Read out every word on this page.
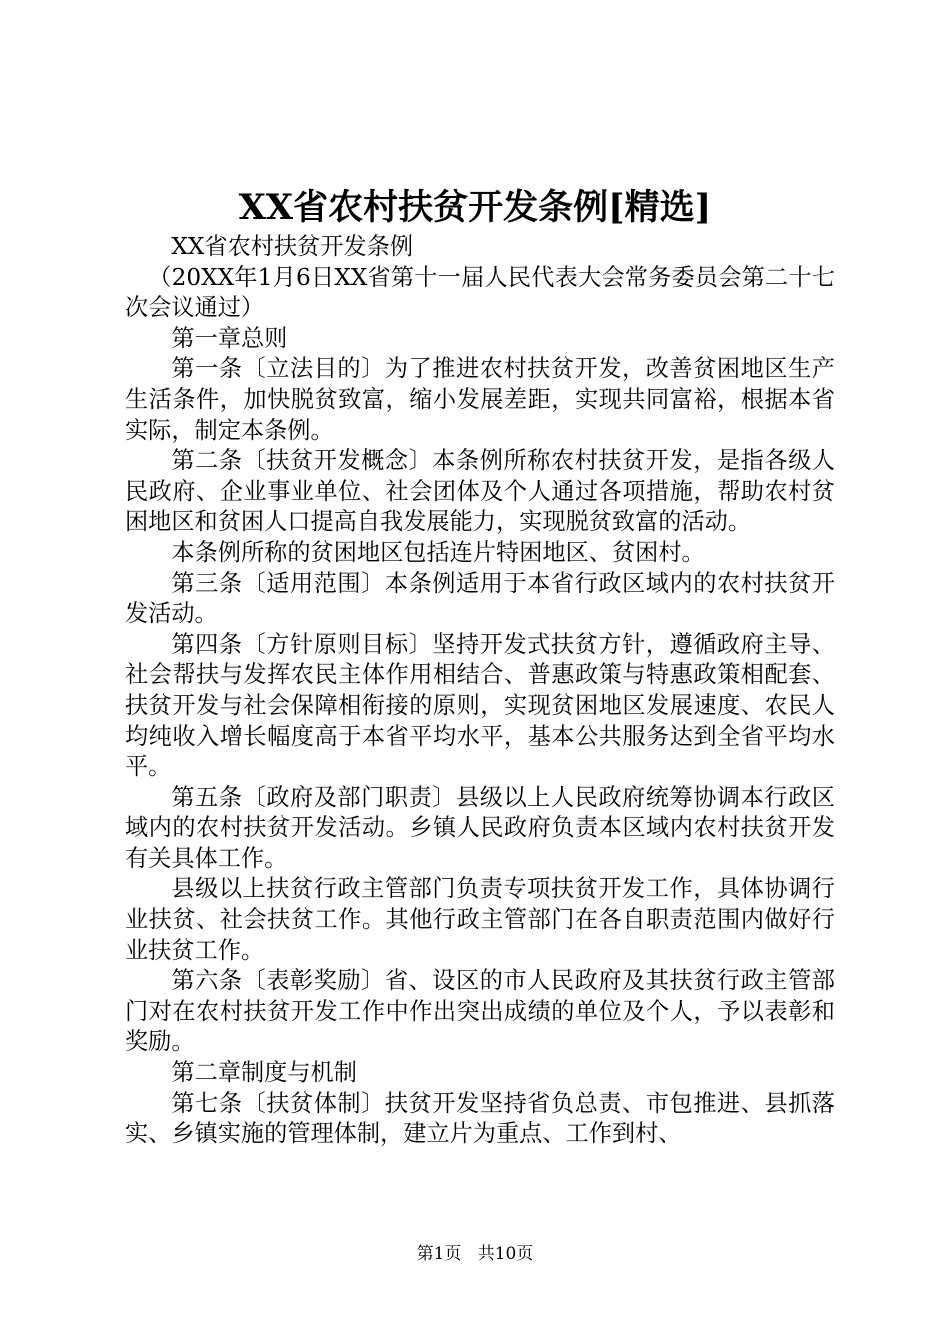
XX省农村扶贫开发条例[精选]

XX省农村扶贫开发条例

（20XX年1月6日XX省第十一届人民代表大会常务委员会第二十七次会议通过）

第一章总则

第一条〔立法目的〕为了推进农村扶贫开发，改善贫困地区生产生活条件，加快脱贫致富，缩小发展差距，实现共同富裕，根据本省实际，制定本条例。

第二条〔扶贫开发概念〕本条例所称农村扶贫开发，是指各级人民政府、企业事业单位、社会团体及个人通过各项措施，帮助农村贫困地区和贫困人口提高自我发展能力，实现脱贫致富的活动。

本条例所称的贫困地区包括连片特困地区、贫困村。

第三条〔适用范围〕本条例适用于本省行政区域内的农村扶贫开发活动。

第四条〔方针原则目标〕坚持开发式扶贫方针，遵循政府主导、社会帮扶与发挥农民主体作用相结合、普惠政策与特惠政策相配套、扶贫开发与社会保障相衔接的原则，实现贫困地区发展速度、农民人均纯收入增长幅度高于本省平均水平，基本公共服务达到全省平均水平。

第五条〔政府及部门职责〕县级以上人民政府统筹协调本行政区域内的农村扶贫开发活动。乡镇人民政府负责本区域内农村扶贫开发有关具体工作。

县级以上扶贫行政主管部门负责专项扶贫开发工作，具体协调行业扶贫、社会扶贫工作。其他行政主管部门在各自职责范围内做好行业扶贫工作。

第六条〔表彰奖励〕省、设区的市人民政府及其扶贫行政主管部门对在农村扶贫开发工作中作出突出成绩的单位及个人，予以表彰和奖励。

第二章制度与机制

第七条〔扶贫体制〕扶贫开发坚持省负总责、市包推进、县抓落实、乡镇实施的管理体制，建立片为重点、工作到村、

第1页 共10页
